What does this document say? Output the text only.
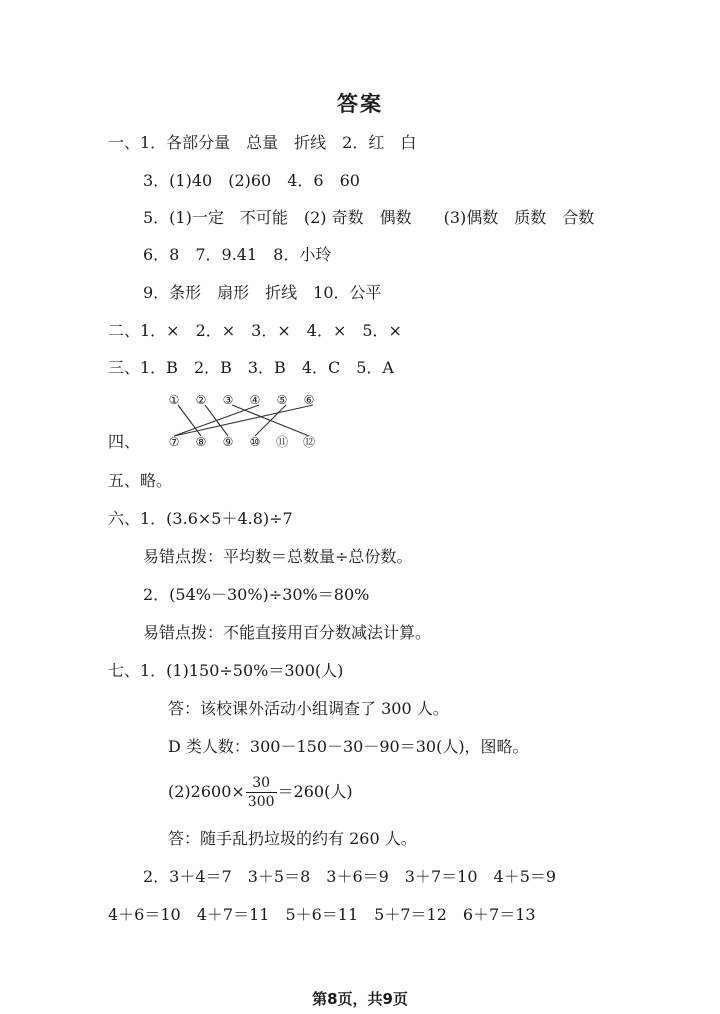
答案
一、1．各部分量　总量　折线　2．红　白
3．(1)40　(2)60　4．6　60
5．(1)一定　不可能　(2) 奇数　偶数　　(3)偶数　质数　合数
6．8　7．9.41　8．小玲
9．条形　扇形　折线　10．公平
二、1．×　2．×　3．×　4．×　5．×
三、1．B　2．B　3．B　4．C　5．A
四、
① ② ③ ④ ⑤ ⑥
⑦ ⑧ ⑨ ⑩ ⑪ ⑫
五、略。
六、1．(3.6×5＋4.8)÷7
易错点拨：平均数＝总数量÷总份数。
2．(54%－30%)÷30%＝80%
易错点拨：不能直接用百分数减法计算。
七、1．(1)150÷50%＝300(人)
答：该校课外活动小组调查了 300 人。
D 类人数：300－150－30－90＝30(人)，图略。
$(2)2600\times \frac{30}{300} =260$(人)
答：随手乱扔垃圾的约有 260 人。
2．3＋4＝7　3＋5＝8　3＋6＝9　3＋7＝10　4＋5＝9
4＋6＝10　4＋7＝11　5＋6＝11　5＋7＝12　6＋7＝13
第8页，共9页
